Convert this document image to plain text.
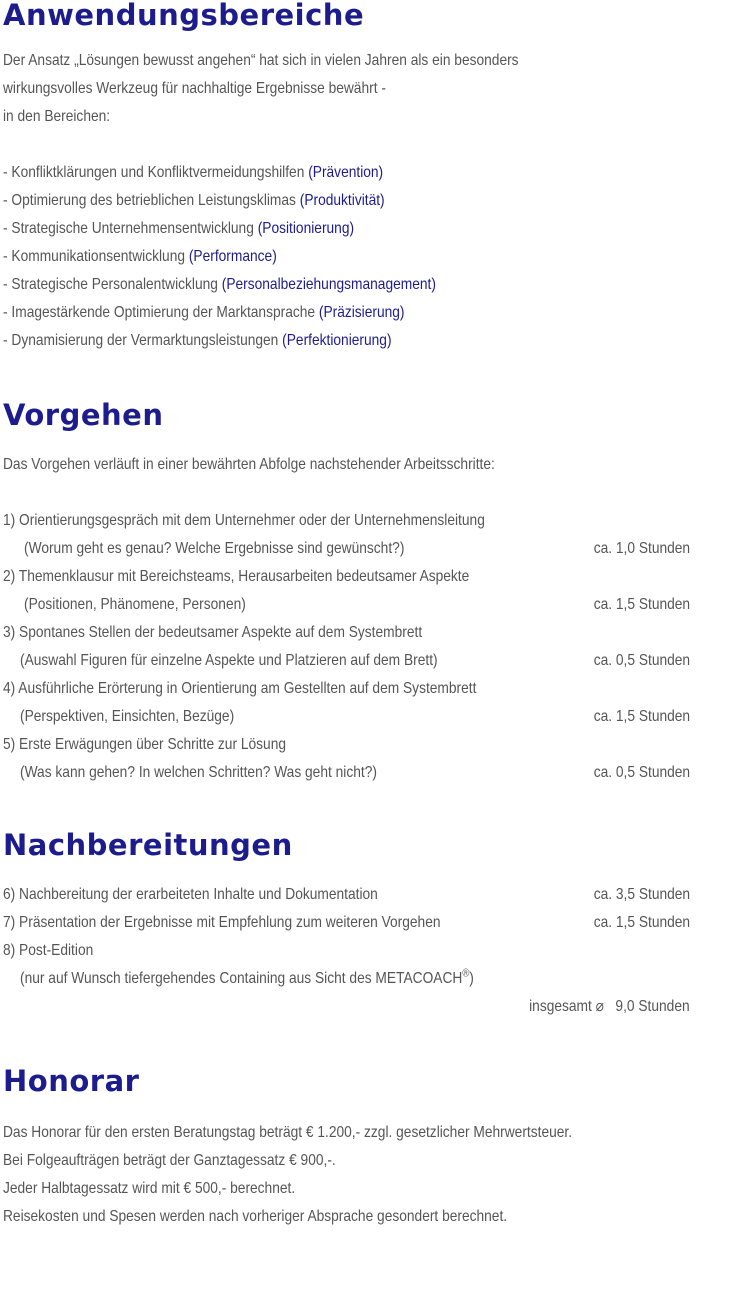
Anwendungsbereiche
Der Ansatz „Lösungen bewusst angehen“ hat sich in vielen Jahren als ein besonders
wirkungsvolles Werkzeug für nachhaltige Ergebnisse bewährt -
in den Bereichen:
- Konfliktklärungen und Konfliktvermeidungshilfen (Prävention)
- Optimierung des betrieblichen Leistungsklimas (Produktivität)
- Strategische Unternehmensentwicklung (Positionierung)
- Kommunikationsentwicklung (Performance)
- Strategische Personalentwicklung (Personalbeziehungsmanagement)
- Imagestärkende Optimierung der Marktansprache (Präzisierung)
- Dynamisierung der Vermarktungsleistungen (Perfektionierung)
Vorgehen
Das Vorgehen verläuft in einer bewährten Abfolge nachstehender Arbeitsschritte:
1) Orientierungsgespräch mit dem Unternehmer oder der Unternehmensleitung
(Worum geht es genau? Welche Ergebnisse sind gewünscht?)	ca. 1,0 Stunden
2) Themenklausur mit Bereichsteams, Herausarbeiten bedeutsamer Aspekte
(Positionen, Phänomene, Personen)	ca. 1,5 Stunden
3) Spontanes Stellen der bedeutsamer Aspekte auf dem Systembrett
(Auswahl Figuren für einzelne Aspekte und Platzieren auf dem Brett)	ca. 0,5 Stunden
4) Ausführliche Erörterung in Orientierung am Gestellten auf dem Systembrett
(Perspektiven, Einsichten, Bezüge)	ca. 1,5 Stunden
5) Erste Erwägungen über Schritte zur Lösung
(Was kann gehen? In welchen Schritten? Was geht nicht?)	ca. 0,5 Stunden
Nachbereitungen
6) Nachbereitung der erarbeiteten Inhalte und Dokumentation	ca. 3,5 Stunden
7) Präsentation der Ergebnisse mit Empfehlung zum weiteren Vorgehen	ca. 1,5 Stunden
8) Post-Edition
(nur auf Wunsch tiefergehendes Containing aus Sicht des METACOACH®)
insgesamt ⌀   9,0 Stunden
Honorar
Das Honorar für den ersten Beratungstag beträgt € 1.200,- zzgl. gesetzlicher Mehrwertsteuer.
Bei Folgeaufträgen beträgt der Ganztagessatz € 900,-.
Jeder Halbtagessatz wird mit € 500,- berechnet.
Reisekosten und Spesen werden nach vorheriger Absprache gesondert berechnet.
